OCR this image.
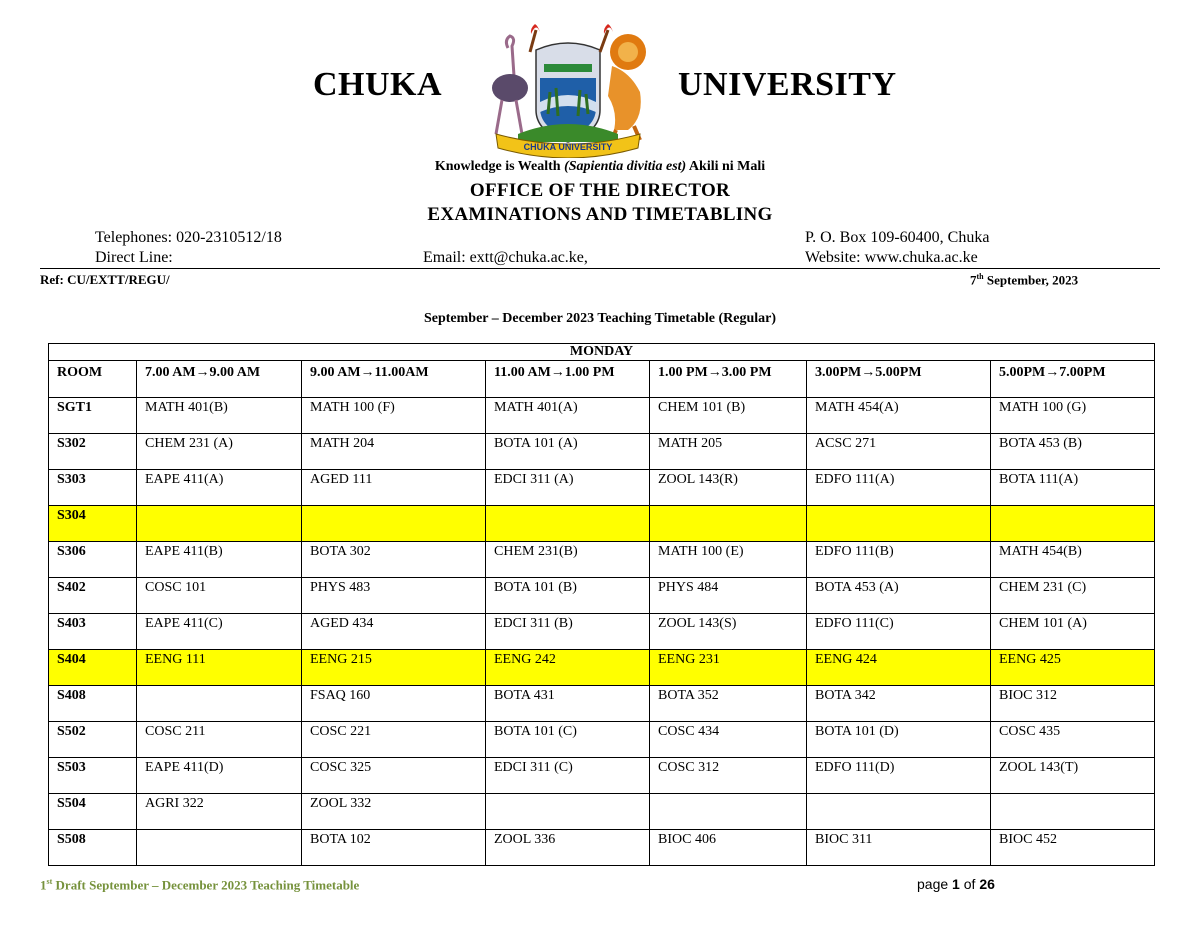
CHUKA	UNIVERSITY
CHUKA UNIVERSITY
Knowledge is Wealth (Sapientia divitia est) Akili ni Mali
OFFICE OF THE DIRECTOR
EXAMINATIONS AND TIMETABLING
Telephones: 020-2310512/18
Direct Line:	Email: extt@chuka.ac.ke,
P. O. Box 109-60400, Chuka
Website: www.chuka.ac.ke
Ref: CU/EXTT/REGU/	7th September, 2023
September – December 2023 Teaching Timetable (Regular)
MONDAY						
ROOM	7.00 AM→9.00 AM	9.00 AM→11.00AM	11.00 AM→1.00 PM	1.00 PM→3.00 PM	3.00PM→5.00PM	5.00PM→7.00PM
SGT1	MATH 401(B)	MATH 100 (F)	MATH 401(A)	CHEM 101 (B)	MATH 454(A)	MATH 100 (G)
S302	CHEM 231 (A)	MATH 204	BOTA 101 (A)	MATH 205	ACSC 271	BOTA 453 (B)
S303	EAPE 411(A)	AGED 111	EDCI 311 (A)	ZOOL 143(R)	EDFO 111(A)	BOTA 111(A)
S304						
S306	EAPE 411(B)	BOTA 302	CHEM 231(B)	MATH 100 (E)	EDFO 111(B)	MATH 454(B)
S402	COSC 101	PHYS 483	BOTA 101 (B)	PHYS 484	BOTA 453 (A)	CHEM 231 (C)
S403	EAPE 411(C)	AGED 434	EDCI 311 (B)	ZOOL 143(S)	EDFO 111(C)	CHEM 101 (A)
S404	EENG 111	EENG 215	EENG 242	EENG 231	EENG 424	EENG 425
S408		FSAQ 160	BOTA 431	BOTA 352	BOTA 342	BIOC 312
S502	COSC 211	COSC 221	BOTA 101 (C)	COSC 434	BOTA 101 (D)	COSC 435
S503	EAPE 411(D)	COSC 325	EDCI 311 (C)	COSC 312	EDFO 111(D)	ZOOL 143(T)
S504	AGRI 322	ZOOL 332				
S508		BOTA 102	ZOOL 336	BIOC 406	BIOC 311	BIOC 452
1st Draft September – December 2023 Teaching Timetable	page 1 of 26
